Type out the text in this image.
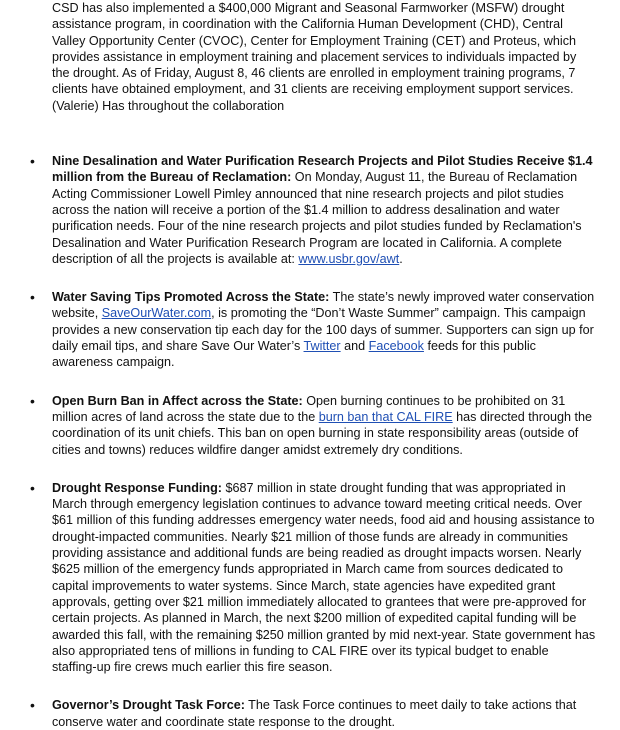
CSD has also implemented a $400,000 Migrant and Seasonal Farmworker (MSFW) drought assistance program, in coordination with the California Human Development (CHD), Central Valley Opportunity Center (CVOC), Center for Employment Training (CET) and Proteus, which provides assistance in employment training and placement services to individuals impacted by the drought. As of Friday, August 8, 46 clients are enrolled in employment training programs, 7 clients have obtained employment, and 31 clients are receiving employment support services. (Valerie) Has throughout the collaboration

• Nine Desalination and Water Purification Research Projects and Pilot Studies Receive $1.4 million from the Bureau of Reclamation: On Monday, August 11, the Bureau of Reclamation Acting Commissioner Lowell Pimley announced that nine research projects and pilot studies across the nation will receive a portion of the $1.4 million to address desalination and water purification needs. Four of the nine research projects and pilot studies funded by Reclamation's Desalination and Water Purification Research Program are located in California. A complete description of all the projects is available at: www.usbr.gov/awt.
• Water Saving Tips Promoted Across the State: The state’s newly improved water conservation website, SaveOurWater.com, is promoting the “Don’t Waste Summer” campaign. This campaign provides a new conservation tip each day for the 100 days of summer. Supporters can sign up for daily email tips, and share Save Our Water’s Twitter and Facebook feeds for this public awareness campaign.
• Open Burn Ban in Affect across the State: Open burning continues to be prohibited on 31 million acres of land across the state due to the burn ban that CAL FIRE has directed through the coordination of its unit chiefs. This ban on open burning in state responsibility areas (outside of cities and towns) reduces wildfire danger amidst extremely dry conditions.
• Drought Response Funding: $687 million in state drought funding that was appropriated in March through emergency legislation continues to advance toward meeting critical needs. Over $61 million of this funding addresses emergency water needs, food aid and housing assistance to drought-impacted communities. Nearly $21 million of those funds are already in communities providing assistance and additional funds are being readied as drought impacts worsen. Nearly $625 million of the emergency funds appropriated in March came from sources dedicated to capital improvements to water systems. Since March, state agencies have expedited grant approvals, getting over $21 million immediately allocated to grantees that were pre-approved for certain projects. As planned in March, the next $200 million of expedited capital funding will be awarded this fall, with the remaining $250 million granted by mid next-year. State government has also appropriated tens of millions in funding to CAL FIRE over its typical budget to enable staffing-up fire crews much earlier this fire season.
• Governor’s Drought Task Force: The Task Force continues to meet daily to take actions that conserve water and coordinate state response to the drought.
